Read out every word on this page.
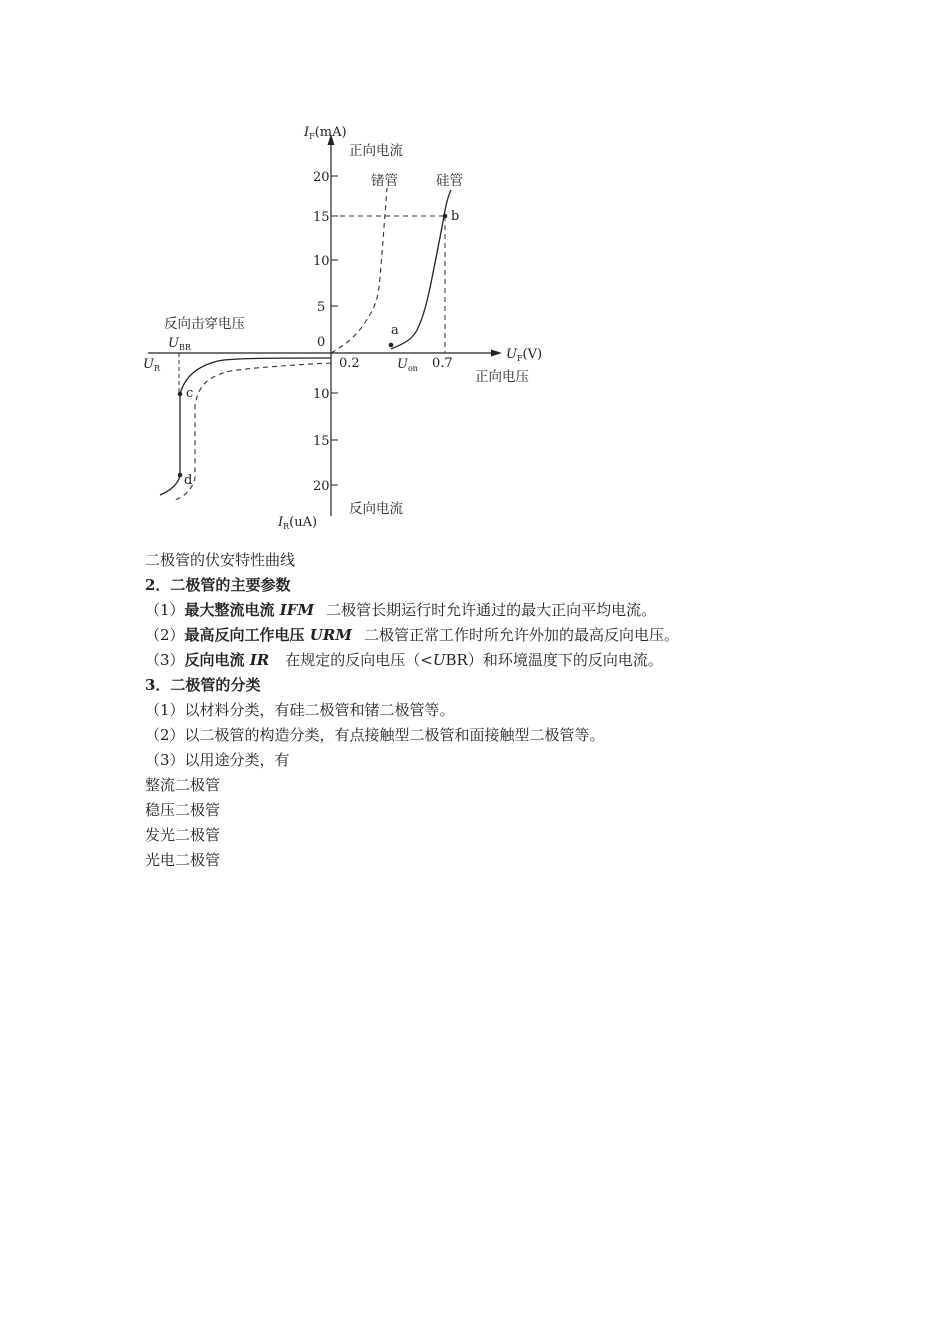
$I_F(mA)$
正向电流
锗管	硅管
20
15
10
5
0
10
15
20
反向击穿电压
$U_{BR}$
$U_R$	0.2	$U_{on}$ 0.7
$U_F(V)$
正向电压
反向电流
$I_R(uA)$
a
b
c
d
二极管的伏安特性曲线
2．二极管的主要参数
（1）最大整流电流 IFM 二极管长期运行时允许通过的最大正向平均电流。
（2）最高反向工作电压 URM 二极管正常工作时所允许外加的最高反向电压。
（3）反向电流 IR 在规定的反向电压（<UBR）和环境温度下的反向电流。
3．二极管的分类
（1）以材料分类，有硅二极管和锗二极管等。
（2）以二极管的构造分类，有点接触型二极管和面接触型二极管等。
（3）以用途分类，有
整流二极管
稳压二极管
发光二极管
光电二极管
